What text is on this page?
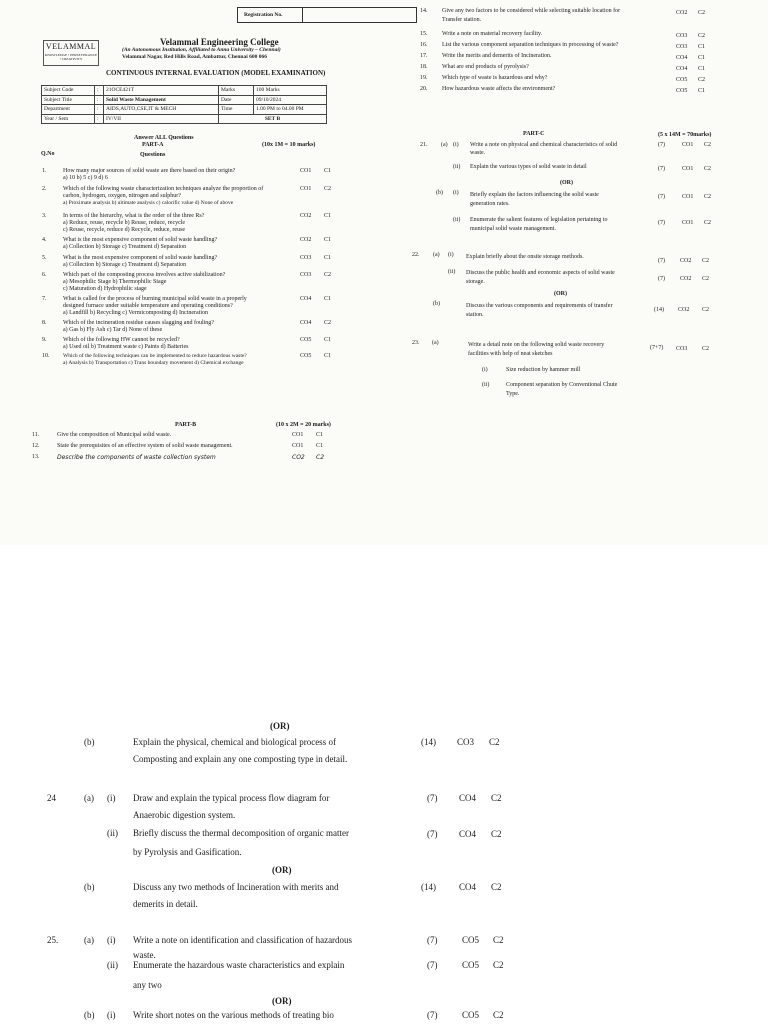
Registration No.
VELAMMAL
KNOWLEDGE • PERSEVERANCE • CREATIVITY
Velammal Engineering College
(An Autonomous Institution, Affiliated to Anna University – Chennai)
Velammal Nagar, Red Hills Road, Ambattur, Chennai 600 066
CONTINUOUS INTERNAL EVALUATION (MODEL EXAMINATION)
Subject Code	:	21OCE421T	Marks	100 Marks
Subject Title	:	Solid Waste Management	Date	09/10/2024
Department	:	AIDS,AUTO,CSE,IT & MECH	Time	1.00 PM to 04.00 PM
Year / Sem	:	IV/VII	SET B	
Answer ALL Questions
PART-A	(10x 1M = 10 marks)
Q.No	Questions
1.	How many major sources of solid waste are there based on their origin?
a) 10 b) 5 c) 9 d) 6
CO1 C1
2.	Which of the following waste characterization techniques analyze the proportion of
carbon, hydrogen, oxygen, nitrogen and sulphur?
a) Proximate analysis b) ultimate analysis c) calorific value d) None of above
CO1 C2
3.	In terms of the hierarchy, what is the order of the three Rs?
a) Reduce, reuse, recycle b) Reuse, reduce, recycle
c) Reuse, recycle, reduce d) Recycle, reduce, reuse
CO2 C1
4.	What is the most expensive component of solid waste handling?
a) Collection b) Storage c) Treatment d) Separation
CO2 C1
5.	What is the most expensive component of solid waste handling?
a) Collection b) Storage c) Treatment d) Separation
CO3 C1
6.	Which part of the composting process involves active stabilization?
a) Mesophilic Stage b) Thermophilic Stage
c) Maturation d) Hydrophilic stage
CO3 C2
7.	What is called for the process of burning municipal solid waste in a properly
designed furnace under suitable temperature and operating conditions?
a) Landfill b) Recycling c) Vermicomposting d) Incineration
CO4 C1
8.	Which of the incineration residue causes slagging and fouling?
a) Gas b) Fly Ash c) Tar d) None of these
CO4 C2
9.	Which of the following HW cannot be recycled?
a) Used oil b) Treatment waste c) Paints d) Batteries
CO5 C1
10. Which of the following techniques can be implemented to reduce hazardous waste?
a) Analysis b) Transportation c) Trans boundary movement d) Chemical exchange
CO5 C1
PART-B	(10 x 2M = 20 marks)
11.	Give the composition of Municipal solid waste.	CO1 C1
12.	State the prerequisites of an effective system of solid waste management.	CO1 C1
13.	Describe the components of waste collection system	CO2 C2
14. Give any two factors to be considered while selecting suitable location for
Transfer station.
CO2 C2
15. Write a note on material recovery facility.	CO3 C2
16. List the various component separation techniques in processing of waste?	CO3 C1
17. Write the merits and demerits of Incineration.	CO4 C1
18. What are end products of pyrolysis?	CO4 C1
19. Which type of waste is hazardous and why?	CO5 C2
20. How hazardous waste affects the environment?	CO5 C1
PART-C	(5 x 14M = 70marks)
21. (a) (i) Write a note on physical and chemical characteristics of solid
waste.
(7)	CO1 C2
(ii) Explain the various types of solid waste in detail	(7)	CO1 C2
(OR)
(b) (i) Briefly explain the factors influencing the solid waste
generation rates.
(7)	CO1 C2
(ii) Enumerate the salient features of legislation pertaining to
municipal solid waste management.
(7)	CO1 C2
22. (a) (i) Explain briefly about the onsite storage methods.
(7)	CO2 C2
(ii) Discuss the public health and economic aspects of solid waste
storage.	(7)	CO2 C2
(OR)
(b)	Discuss the various components and requirements of transfer
station.
(14) CO2 C2
23. (a)	Write a detail note on the following solid waste recovery
facilities with help of neat sketches
(7+7) CO3 C2
(i)	Size reduction by hammer mill
(ii)	Component separation by Conventional Chute
Type.
(OR)
(b)	Explain the physical, chemical and biological process of
Composting and explain any one composting type in detail.
(14) CO3 C2
24	(a) (i) Draw and explain the typical process flow diagram for
Anaerobic digestion system.
(7) CO4 C2
(ii) Briefly discuss the thermal decomposition of organic matter
by Pyrolysis and Gasification.
(7) CO4 C2
(OR)
(b)	Discuss any two methods of Incineration with merits and
demerits in detail.
(14)	CO4 C2
25.	(a) (i) Write a note on identification and classification of hazardous
waste.
(7)	CO5 C2
(ii) Enumerate the hazardous waste characteristics and explain
any two
(7)	CO5 C2
(OR)
(b) (i) Write short notes on the various methods of treating bio	(7)	CO5 C2
